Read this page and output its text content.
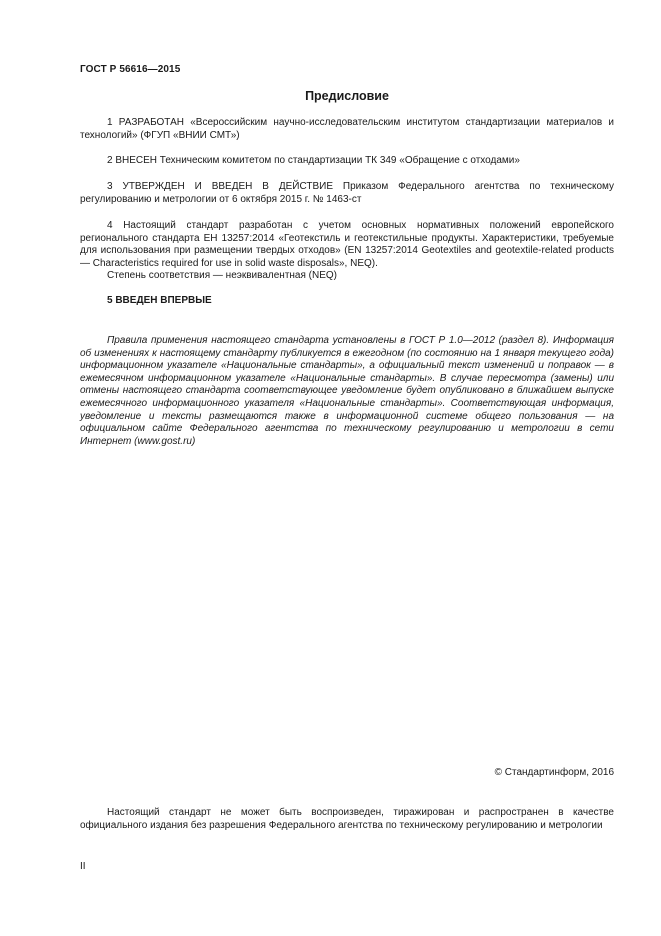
ГОСТ Р 56616—2015
Предисловие

1 РАЗРАБОТАН «Всероссийским научно-исследовательским институтом стандартизации материалов и технологий» (ФГУП «ВНИИ СМТ»)

2 ВНЕСЕН Техническим комитетом по стандартизации ТК 349 «Обращение с отходами»

3 УТВЕРЖДЕН И ВВЕДЕН В ДЕЙСТВИЕ Приказом Федерального агентства по техническому регулированию и метрологии от 6 октября 2015 г. № 1463-ст

4 Настоящий стандарт разработан с учетом основных нормативных положений европейского регионального стандарта ЕН 13257:2014 «Геотекстиль и геотекстильные продукты. Характеристики, требуемые для использования при размещении твердых отходов» (EN 13257:2014 Geotextiles and geotextile-related products — Characteristics required for use in solid waste disposals», NEQ).

Степень соответствия — неэквивалентная (NEQ)

5 ВВЕДЕН ВПЕРВЫЕ

Правила применения настоящего стандарта установлены в ГОСТ Р 1.0—2012 (раздел 8). Информация об изменениях к настоящему стандарту публикуется в ежегодном (по состоянию на 1 января текущего года) информационном указателе «Национальные стандарты», а официальный текст изменений и поправок — в ежемесячном информационном указателе «Национальные стандарты». В случае пересмотра (замены) или отмены настоящего стандарта соответствующее уведомление будет опубликовано в ближайшем выпуске ежемесячного информационного указателя «Национальные стандарты». Соответствующая информация, уведомление и тексты размещаются также в информационной системе общего пользования — на официальном сайте Федерального агентства по техническому регулированию и метрологии в сети Интернет (www.gost.ru)

© Стандартинформ, 2016

Настоящий стандарт не может быть воспроизведен, тиражирован и распространен в качестве официального издания без разрешения Федерального агентства по техническому регулированию и метрологии

II
